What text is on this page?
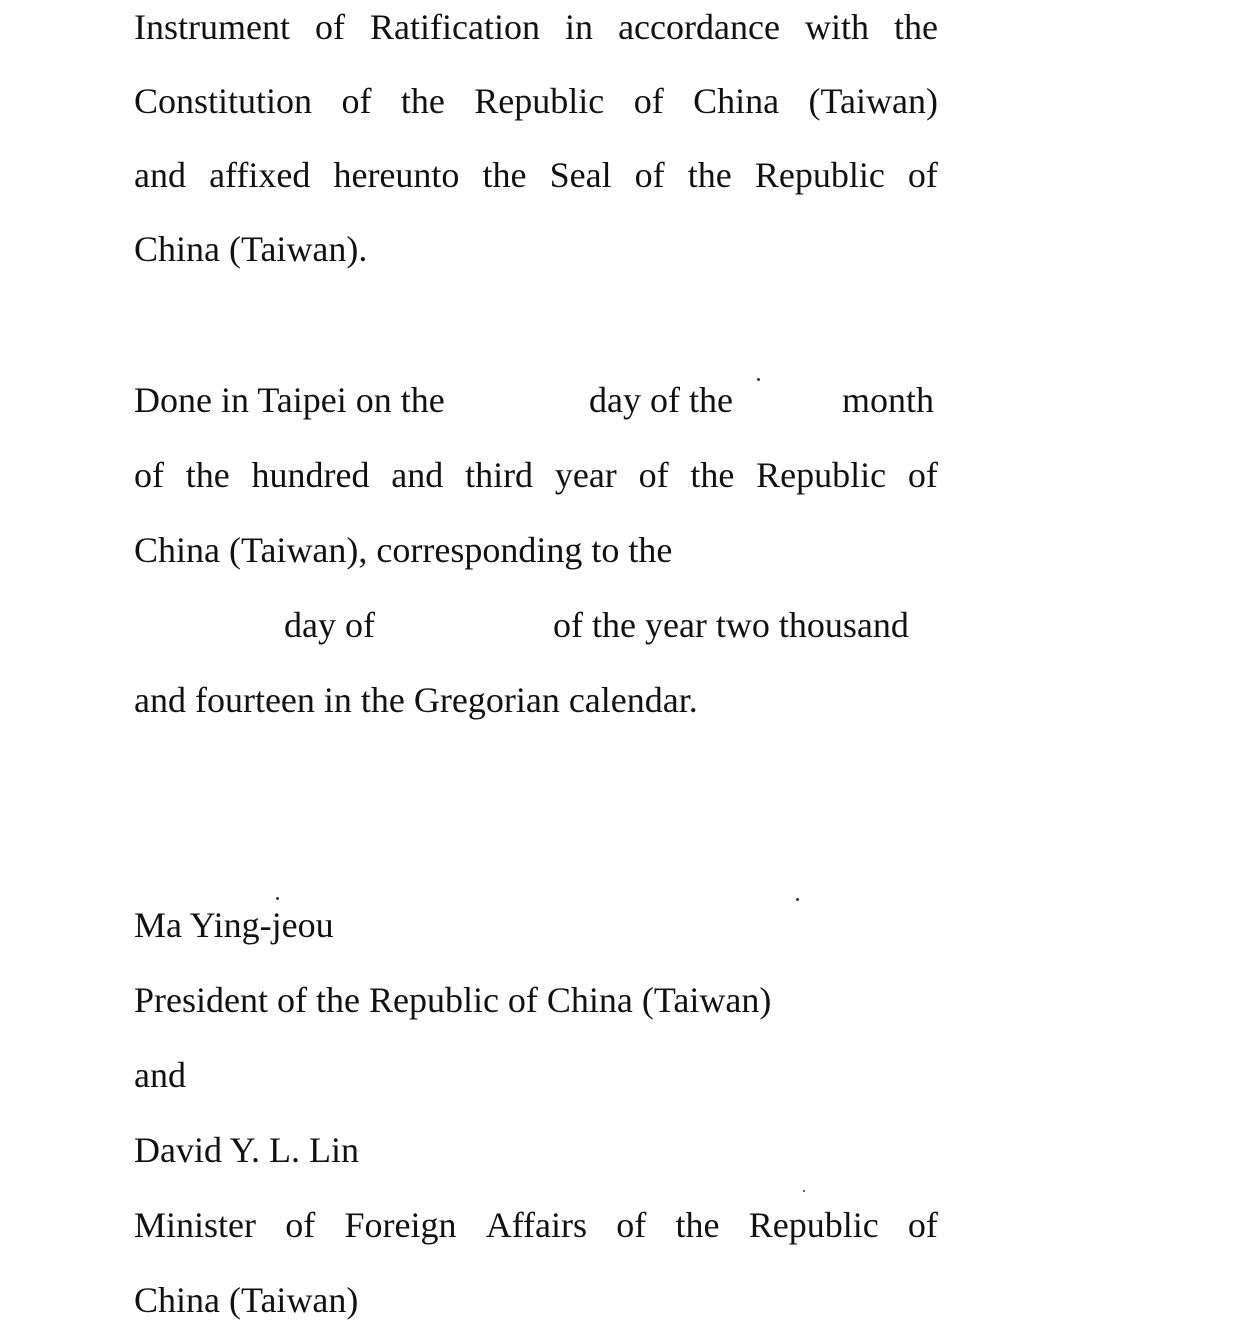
Instrument of Ratification in accordance with the
Constitution of the Republic of China (Taiwan)
and affixed hereunto the Seal of the Republic of
China (Taiwan).
Done in Taipei on the	day of the	month
of the hundred and third year of the Republic of
China (Taiwan), corresponding to the
day of	of the year two thousand
and fourteen in the Gregorian calendar.
Ma Ying-jeou
President of the Republic of China (Taiwan)
and
David Y. L. Lin
Minister of Foreign Affairs of the Republic of
China (Taiwan)
